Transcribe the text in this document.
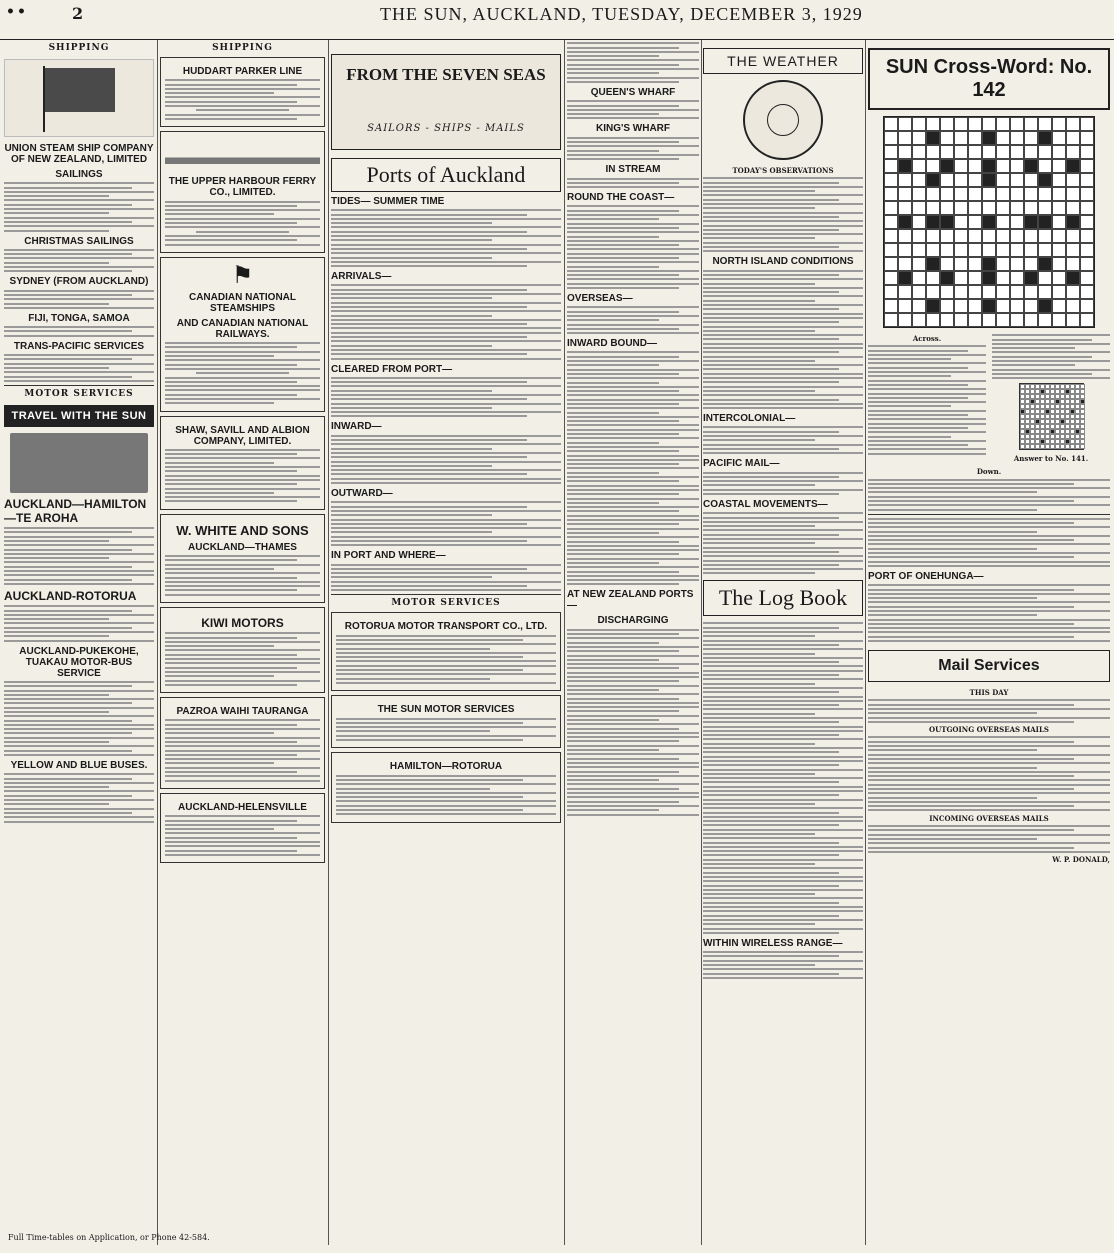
••	2	THE SUN, AUCKLAND, TUESDAY, DECEMBER 3, 1929
SHIPPING
UNION STEAM SHIP COMPANY OF NEW ZEALAND, LIMITED
SAILINGS
CHRISTMAS SAILINGS
SYDNEY (FROM AUCKLAND)
FIJI, TONGA, SAMOA
TRANS-PACIFIC SERVICES
MOTOR SERVICES
TRAVEL WITH THE SUN
AUCKLAND—HAMILTON—TE AROHA
AUCKLAND-ROTORUA
AUCKLAND-PUKEKOHE, TUAKAU MOTOR-BUS SERVICE
YELLOW AND BLUE BUSES.
SHIPPING
HUDDART PARKER LINE
THE UPPER HARBOUR FERRY CO., LIMITED.
⚑
CANADIAN NATIONAL STEAMSHIPS
AND CANADIAN NATIONAL RAILWAYS.
SHAW, SAVILL AND ALBION COMPANY, LIMITED.
W. WHITE AND SONS
AUCKLAND—THAMES
KIWI MOTORS
PAZROA WAIHI TAURANGA
AUCKLAND-HELENSVILLE
FROM THE SEVEN SEAS
SAILORS - SHIPS - MAILS
Ports of Auckland
TIDES— SUMMER TIME
ARRIVALS—
CLEARED FROM PORT—
INWARD—
OUTWARD—
IN PORT AND WHERE—
MOTOR SERVICES
ROTORUA MOTOR TRANSPORT CO., LTD.
THE SUN MOTOR SERVICES
HAMILTON—ROTORUA
QUEEN'S WHARF
KING'S WHARF
IN STREAM
ROUND THE COAST—
OVERSEAS—
INWARD BOUND—
AT NEW ZEALAND PORTS—
DISCHARGING
THE WEATHER
TODAY'S OBSERVATIONS
NORTH ISLAND CONDITIONS
INTERCOLONIAL—
PACIFIC MAIL—
COASTAL MOVEMENTS—
The Log Book
WITHIN WIRELESS RANGE—
SUN Cross-Word: No. 142
Across.
Answer to No. 141.
Down.
PORT OF ONEHUNGA—
Mail Services
THIS DAY
OUTGOING OVERSEAS MAILS
INCOMING OVERSEAS MAILS
W. P. DONALD,
Full Time-tables on Application, or Phone 42-584.
